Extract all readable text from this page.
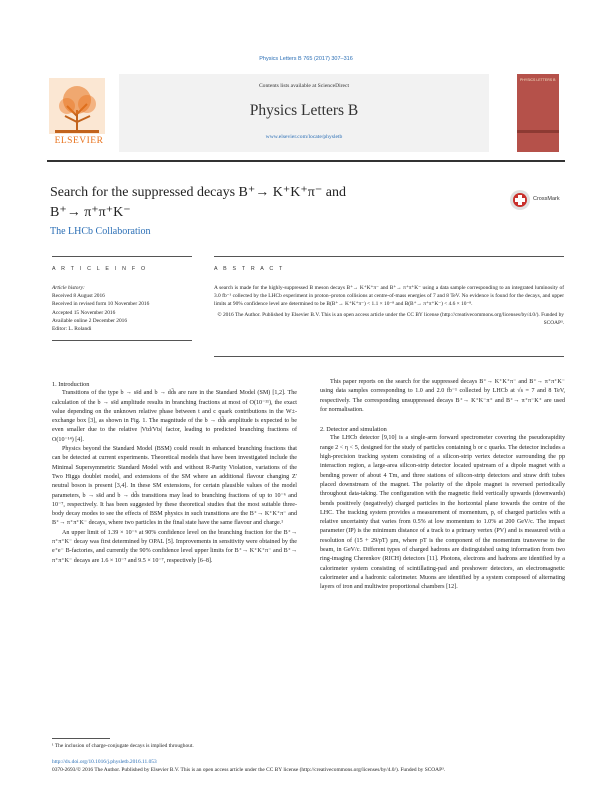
Physics Letters B 765 (2017) 307–316
ELSEVIER
Contents lists available at ScienceDirect
Physics Letters B
www.elsevier.com/locate/physletb
PHYSICS LETTERS B
Search for the suppressed decays B⁺→ K⁺K⁺π⁻ and
B⁺→ π⁺π⁺K⁻
CrossMark
The LHCb Collaboration
A R T I C L E I N F O
Article history:
Received 8 August 2016
Received in revised form 10 November 2016
Accepted 15 November 2016
Available online 2 December 2016
Editor: L. Rolandi
A B S T R A C T
A search is made for the highly-suppressed B meson decays B⁺→ K⁺K⁺π⁻ and B⁺→ π⁺π⁺K⁻ using a data sample corresponding to an integrated luminosity of 3.0 fb⁻¹ collected by the LHCb experiment in proton–proton collisions at centre-of-mass energies of 7 and 8 TeV. No evidence is found for the decays, and upper limits at 90% confidence level are determined to be B(B⁺→ K⁺K⁺π⁻) < 1.1 × 10⁻⁸ and B(B⁺→ π⁺π⁺K⁻) < 4.6 × 10⁻⁸.
© 2016 The Author. Published by Elsevier B.V. This is an open access article under the CC BY license (http://creativecommons.org/licenses/by/4.0/). Funded by SCOAP³.

1. Introduction

Transitions of the type b → ss̄d and b → dd̄s are rare in the Standard Model (SM) [1,2]. The calculation of the b → ss̄d amplitude results in branching fractions at most of O(10⁻¹¹), the exact value depending on the unknown relative phase between t and c quark contributions in the W±-exchange box [3], as shown in Fig. 1. The magnitude of the b → dd̄s amplitude is expected to be even smaller due to the relative |Vtd/Vts| factor, leading to predicted branching fractions of O(10⁻¹⁴) [4].

Physics beyond the Standard Model (BSM) could result in enhanced branching fractions that can be detected at current experiments. Theoretical models that have been investigated include the Minimal Supersymmetric Standard Model with and without R-Parity Violation, variations of the Two Higgs doublet model, and extensions of the SM where an additional flavour changing Z′ neutral boson is present [3,4]. In these SM extensions, for certain plausible values of the model parameters, b → ss̄d and b → dd̄s transitions may lead to branching fractions of up to 10⁻⁶ and 10⁻⁷, respectively. It has been suggested by these theoretical studies that the most suitable three-body decay modes to see the effects of BSM physics in such transitions are the B⁺→ K⁺K⁺π⁻ and B⁺→ π⁺π⁺K⁻ decays, where two particles in the final state have the same flavour and charge.¹

An upper limit of 1.39 × 10⁻⁶ at 90% confidence level on the branching fraction for the B⁺→ π⁺π⁺K⁻ decay was first determined by OPAL [5]. Improvements in sensitivity were obtained by the e⁺e⁻ B-factories, and currently the 90% confidence level upper limits for B⁺→ K⁺K⁺π⁻ and B⁺→ π⁺π⁺K⁻ decays are 1.6 × 10⁻⁷ and 9.5 × 10⁻⁷, respectively [6–8].

This paper reports on the search for the suppressed decays B⁺→ K⁺K⁺π⁻ and B⁺→ π⁺π⁺K⁻ using data samples corresponding to 1.0 and 2.0 fb⁻¹ collected by LHCb at √s = 7 and 8 TeV, respectively. The corresponding unsuppressed decays B⁺→ K⁺K⁻π⁺ and B⁺→ π⁺π⁻K⁺ are used for normalisation.

2. Detector and simulation

The LHCb detector [9,10] is a single-arm forward spectrometer covering the pseudorapidity range 2 < η < 5, designed for the study of particles containing b or c quarks. The detector includes a high-precision tracking system consisting of a silicon-strip vertex detector surrounding the pp interaction region, a large-area silicon-strip detector located upstream of a dipole magnet with a bending power of about 4 Tm, and three stations of silicon-strip detectors and straw drift tubes placed downstream of the magnet. The polarity of the dipole magnet is reversed periodically throughout data-taking. The configuration with the magnetic field vertically upwards (downwards) bends positively (negatively) charged particles in the horizontal plane towards the centre of the LHC. The tracking system provides a measurement of momentum, p, of charged particles with a relative uncertainty that varies from 0.5% at low momentum to 1.0% at 200 GeV/c. The impact parameter (IP) is the minimum distance of a track to a primary vertex (PV) and is measured with a resolution of (15 + 29/pT) µm, where pT is the component of the momentum transverse to the beam, in GeV/c. Different types of charged hadrons are distinguished using information from two ring-imaging Cherenkov (RICH) detectors [11]. Photons, electrons and hadrons are identified by a calorimeter system consisting of scintillating-pad and preshower detectors, an electromagnetic calorimeter and a hadronic calorimeter. Muons are identified by a system composed of alternating layers of iron and multiwire proportional chambers [12].

¹ The inclusion of charge-conjugate decays is implied throughout.
http://dx.doi.org/10.1016/j.physletb.2016.11.053
0370-2693/© 2016 The Author. Published by Elsevier B.V. This is an open access article under the CC BY license (http://creativecommons.org/licenses/by/4.0/). Funded by SCOAP³.
